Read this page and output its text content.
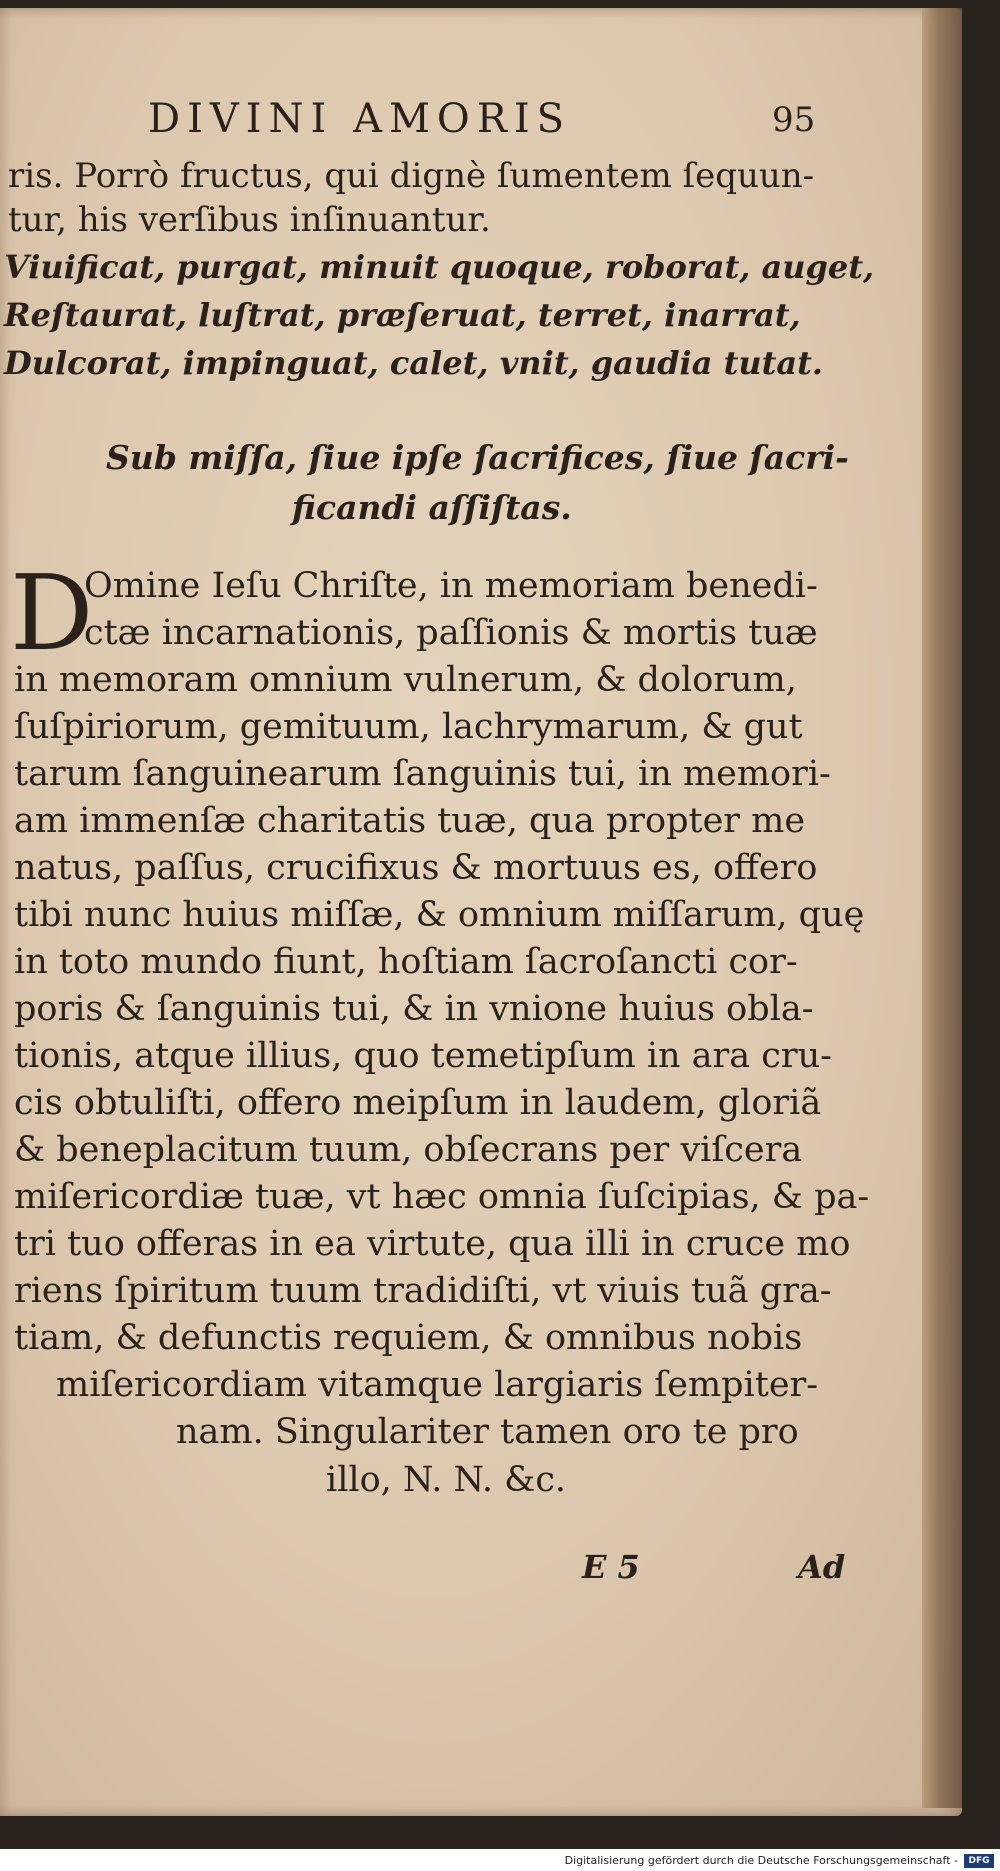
DIVINI AMORIS	95
ris. Porrò fructus, qui dignè ſumentem ſequun-
tur, his verſibus inſinuantur.
Viuificat, purgat, minuit quoque, roborat, auget,
Reſtaurat, luſtrat, præſeruat, terret, inarrat,
Dulcorat, impinguat, calet, vnit, gaudia tutat.
Sub miſſa, ſiue ipſe ſacrifices, ſiue ſacri-
ficandi aſſiſtas.
D
Omine Ieſu Chriſte, in memoriam benedi-
ctæ incarnationis, paſſionis & mortis tuæ
in memoram omnium vulnerum, & dolorum,
ſuſpiriorum, gemituum, lachrymarum, & gut
tarum ſanguinearum ſanguinis tui, in memori-
am immenſæ charitatis tuæ, qua propter me
natus, paſſus, crucifixus & mortuus es, offero
tibi nunc huius miſſæ, & omnium miſſarum, quę
in toto mundo fiunt, hoſtiam ſacroſancti cor-
poris & ſanguinis tui, & in vnione huius obla-
tionis, atque illius, quo temetipſum in ara cru-
cis obtuliſti, offero meipſum in laudem, gloriã
& beneplacitum tuum, obſecrans per viſcera
miſericordiæ tuæ, vt hæc omnia ſuſcipias, & pa-
tri tuo offeras in ea virtute, qua illi in cruce mo
riens ſpiritum tuum tradidiſti, vt viuis tuã gra-
tiam, & defunctis requiem, & omnibus nobis
miſericordiam vitamque largiaris ſempiter-
nam. Singulariter tamen oro te pro
illo, N. N. &c.
E 5	Ad
Digitalisierung gefördert durch die Deutsche Forschungsgemeinschaft -	DFG
